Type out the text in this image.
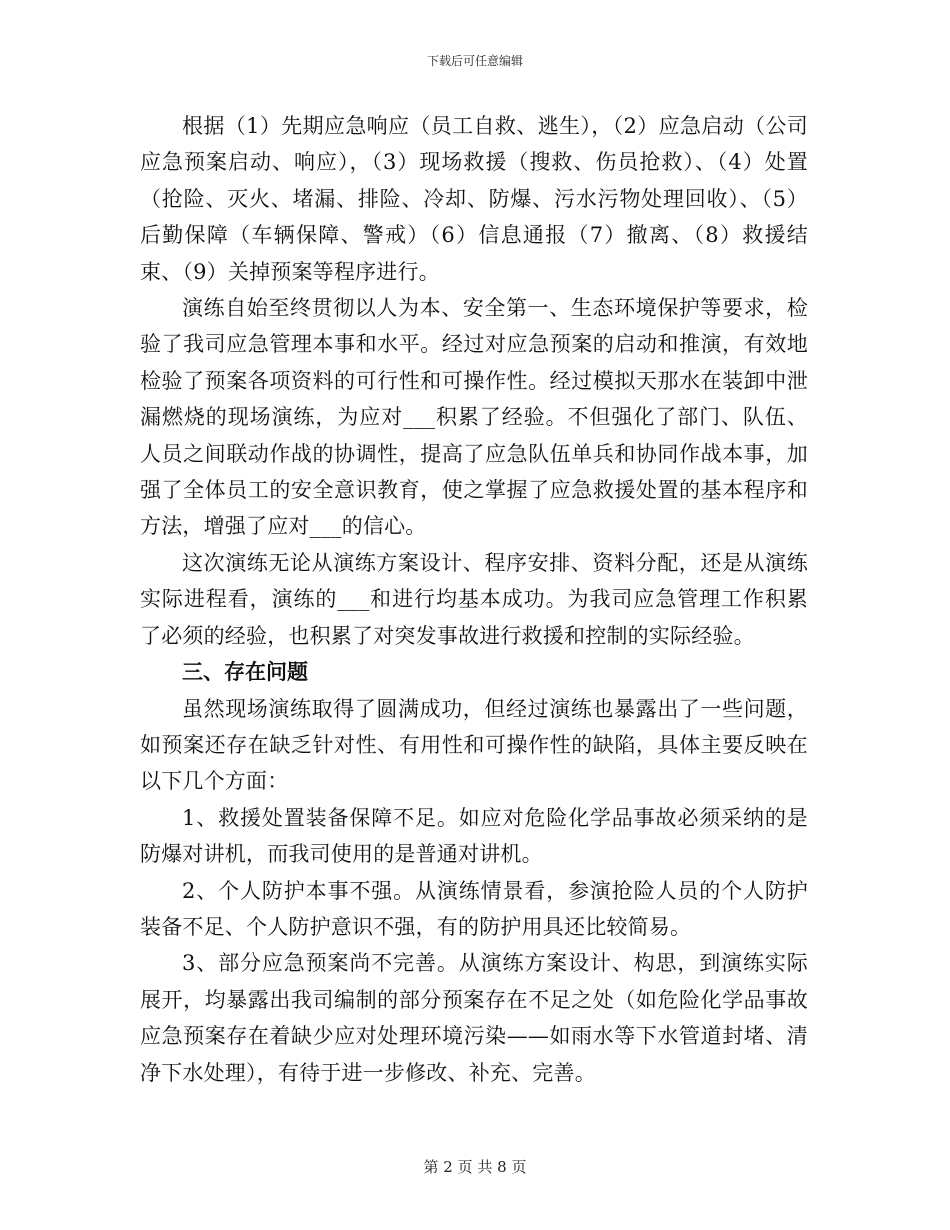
下载后可任意编辑

根据（1）先期应急响应（员工自救、逃生），（2）应急启动（公司应急预案启动、响应），（3）现场救援（搜救、伤员抢救）、（4）处置（抢险、灭火、堵漏、排险、冷却、防爆、污水污物处理回收）、（5）后勤保障（车辆保障、警戒）（6）信息通报（7）撤离、（8）救援结束、（9）关掉预案等程序进行。

演练自始至终贯彻以人为本、安全第一、生态环境保护等要求，检验了我司应急管理本事和水平。经过对应急预案的启动和推演，有效地检验了预案各项资料的可行性和可操作性。经过模拟天那水在装卸中泄漏燃烧的现场演练，为应对___积累了经验。不但强化了部门、队伍、人员之间联动作战的协调性，提高了应急队伍单兵和协同作战本事，加强了全体员工的安全意识教育，使之掌握了应急救援处置的基本程序和方法，增强了应对___的信心。

这次演练无论从演练方案设计、程序安排、资料分配，还是从演练实际进程看，演练的___和进行均基本成功。为我司应急管理工作积累了必须的经验，也积累了对突发事故进行救援和控制的实际经验。

三、存在问题

虽然现场演练取得了圆满成功，但经过演练也暴露出了一些问题，如预案还存在缺乏针对性、有用性和可操作性的缺陷，具体主要反映在以下几个方面：

1、救援处置装备保障不足。如应对危险化学品事故必须采纳的是防爆对讲机，而我司使用的是普通对讲机。

2、个人防护本事不强。从演练情景看，参演抢险人员的个人防护装备不足、个人防护意识不强，有的防护用具还比较简易。

3、部分应急预案尚不完善。从演练方案设计、构思，到演练实际展开，均暴露出我司编制的部分预案存在不足之处（如危险化学品事故应急预案存在着缺少应对处理环境污染——如雨水等下水管道封堵、清净下水处理），有待于进一步修改、补充、完善。

第 2 页 共 8 页
